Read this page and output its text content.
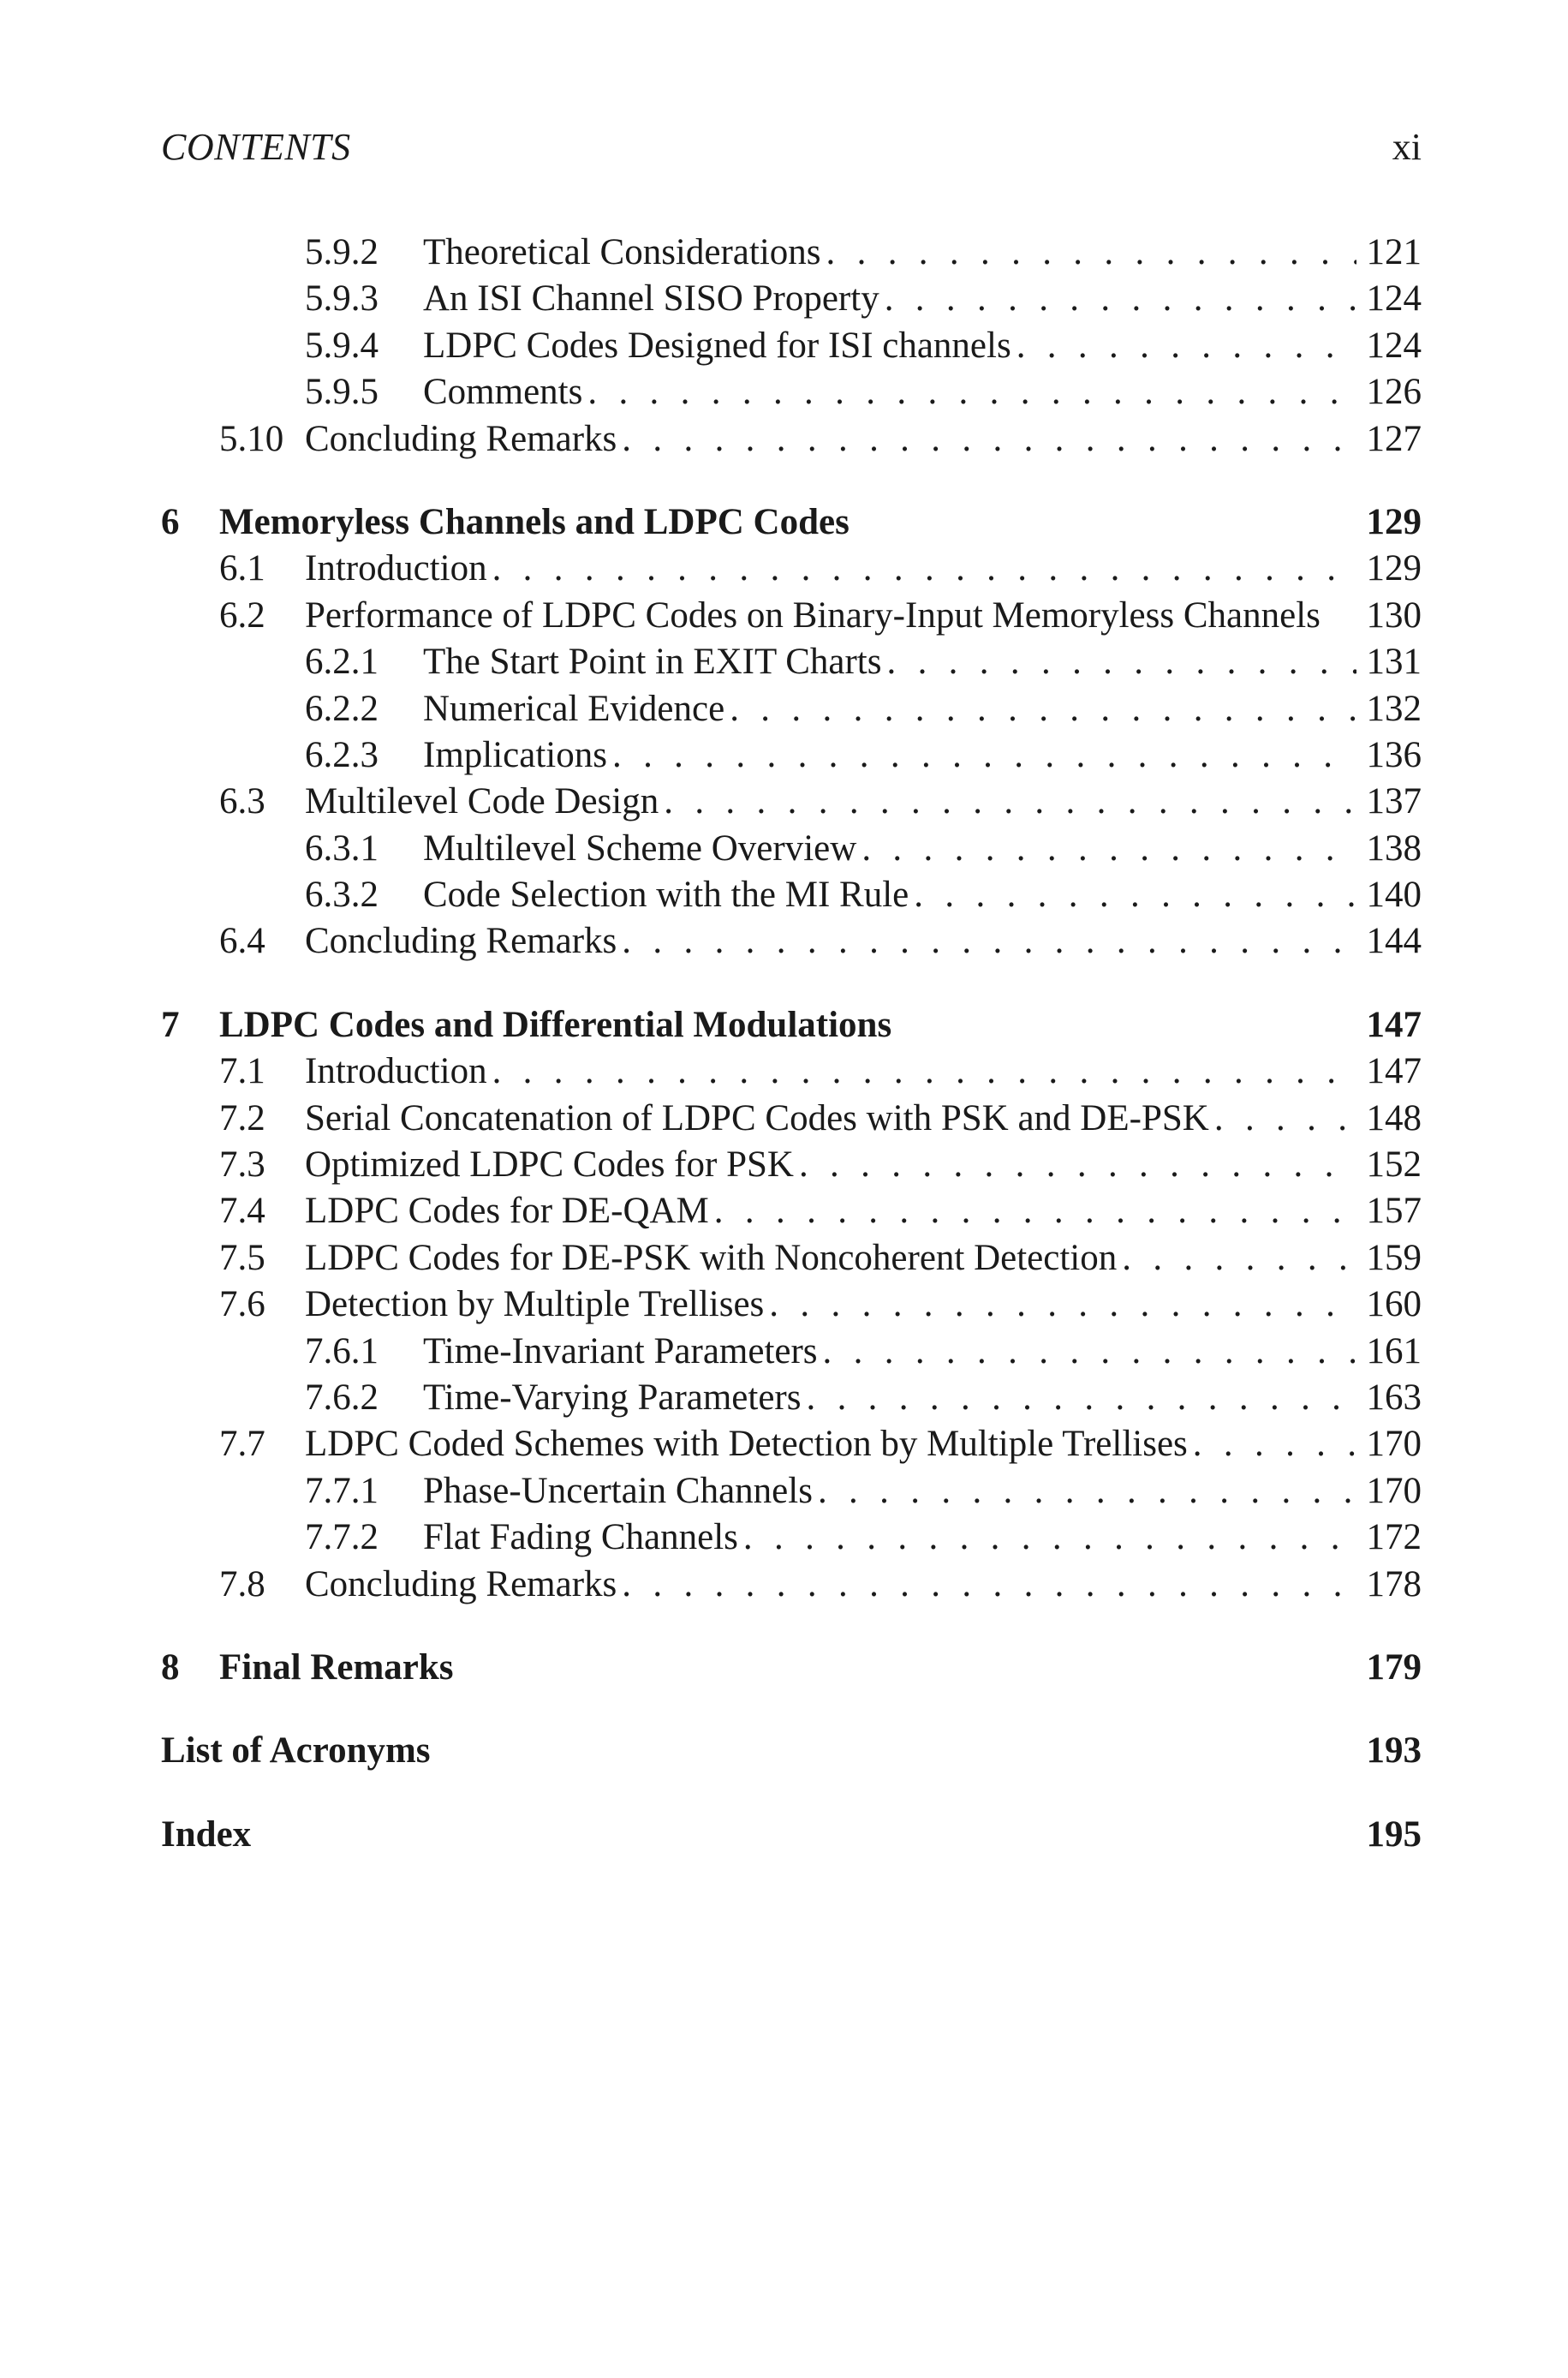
CONTENTS	xi
5.9.2 Theoretical Considerations . . .	121
5.9.3 An ISI Channel SISO Property . . .	124
5.9.4 LDPC Codes Designed for ISI channels . . .	124
5.9.5 Comments . . .	126
5.10 Concluding Remarks . . .	127
6 Memoryless Channels and LDPC Codes	129
6.1 Introduction . . .	129
6.2 Performance of LDPC Codes on Binary-Input Memoryless Channels 130
6.2.1 The Start Point in EXIT Charts . . .	131
6.2.2 Numerical Evidence . . .	132
6.2.3 Implications . . .	136
6.3 Multilevel Code Design . . .	137
6.3.1 Multilevel Scheme Overview . . .	138
6.3.2 Code Selection with the MI Rule . . .	140
6.4 Concluding Remarks . . .	144
7 LDPC Codes and Differential Modulations	147
7.1 Introduction . . .	147
7.2 Serial Concatenation of LDPC Codes with PSK and DE-PSK . . .	148
7.3 Optimized LDPC Codes for PSK . . .	152
7.4 LDPC Codes for DE-QAM . . .	157
7.5 LDPC Codes for DE-PSK with Noncoherent Detection . . .	159
7.6 Detection by Multiple Trellises . . .	160
7.6.1 Time-Invariant Parameters . . .	161
7.6.2 Time-Varying Parameters . . .	163
7.7 LDPC Coded Schemes with Detection by Multiple Trellises . . .	170
7.7.1 Phase-Uncertain Channels . . .	170
7.7.2 Flat Fading Channels . . .	172
7.8 Concluding Remarks . . .	178
8 Final Remarks	179
List of Acronyms	193
Index	195
